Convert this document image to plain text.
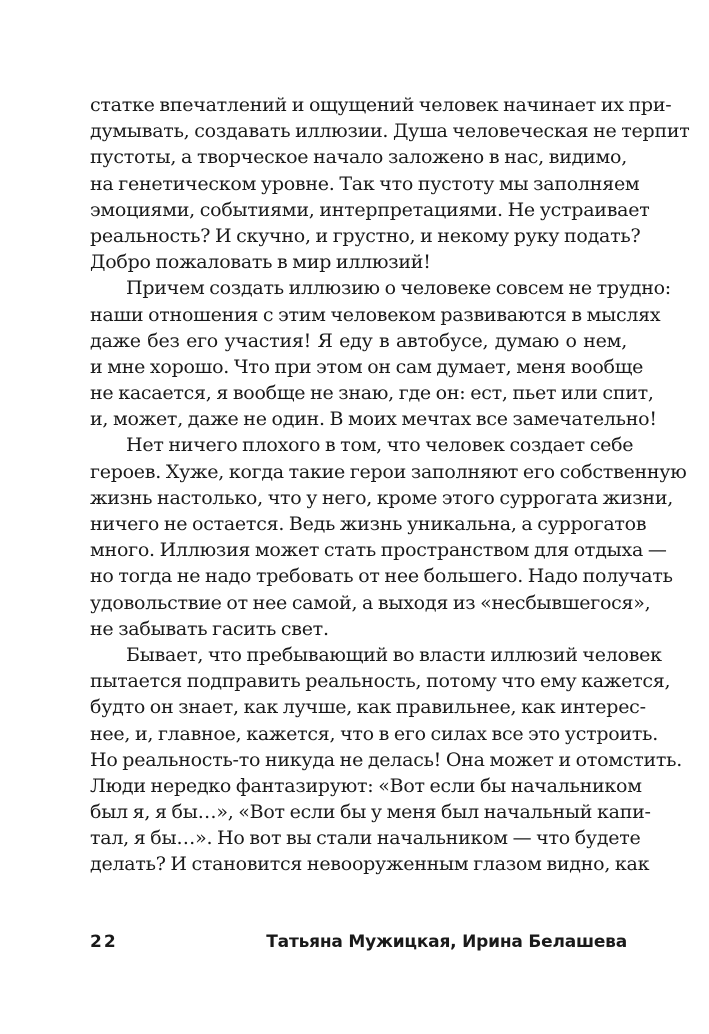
статке впечатлений и ощущений человек начинает их при-
думывать, создавать иллюзии. Душа человеческая не терпит
пустоты, а творческое начало заложено в нас, видимо,
на генетическом уровне. Так что пустоту мы заполняем
эмоциями, событиями, интерпретациями. Не устраивает
реальность? И скучно, и грустно, и некому руку подать?
Добро пожаловать в мир иллюзий!
Причем создать иллюзию о человеке совсем не трудно:
наши отношения с этим человеком развиваются в мыслях
даже без его участия! Я еду в автобусе, думаю о нем,
и мне хорошо. Что при этом он сам думает, меня вообще
не касается, я вообще не знаю, где он: ест, пьет или спит,
и, может, даже не один. В моих мечтах все замечательно!
Нет ничего плохого в том, что человек создает себе
героев. Хуже, когда такие герои заполняют его собственную
жизнь настолько, что у него, кроме этого суррогата жизни,
ничего не остается. Ведь жизнь уникальна, а суррогатов
много. Иллюзия может стать пространством для отдыха —
но тогда не надо требовать от нее большего. Надо получать
удовольствие от нее самой, а выходя из «несбывшегося»,
не забывать гасить свет.
Бывает, что пребывающий во власти иллюзий человек
пытается подправить реальность, потому что ему кажется,
будто он знает, как лучше, как правильнее, как интерес-
нее, и, главное, кажется, что в его силах все это устроить.
Но реальность-то никуда не делась! Она может и отомстить.
Люди нередко фантазируют: «Вот если бы начальником
был я, я бы…», «Вот если бы у меня был начальный капи-
тал, я бы…». Но вот вы стали начальником — что будете
делать? И становится невооруженным глазом видно, как
22	Татьяна Мужицкая, Ирина Белашева
